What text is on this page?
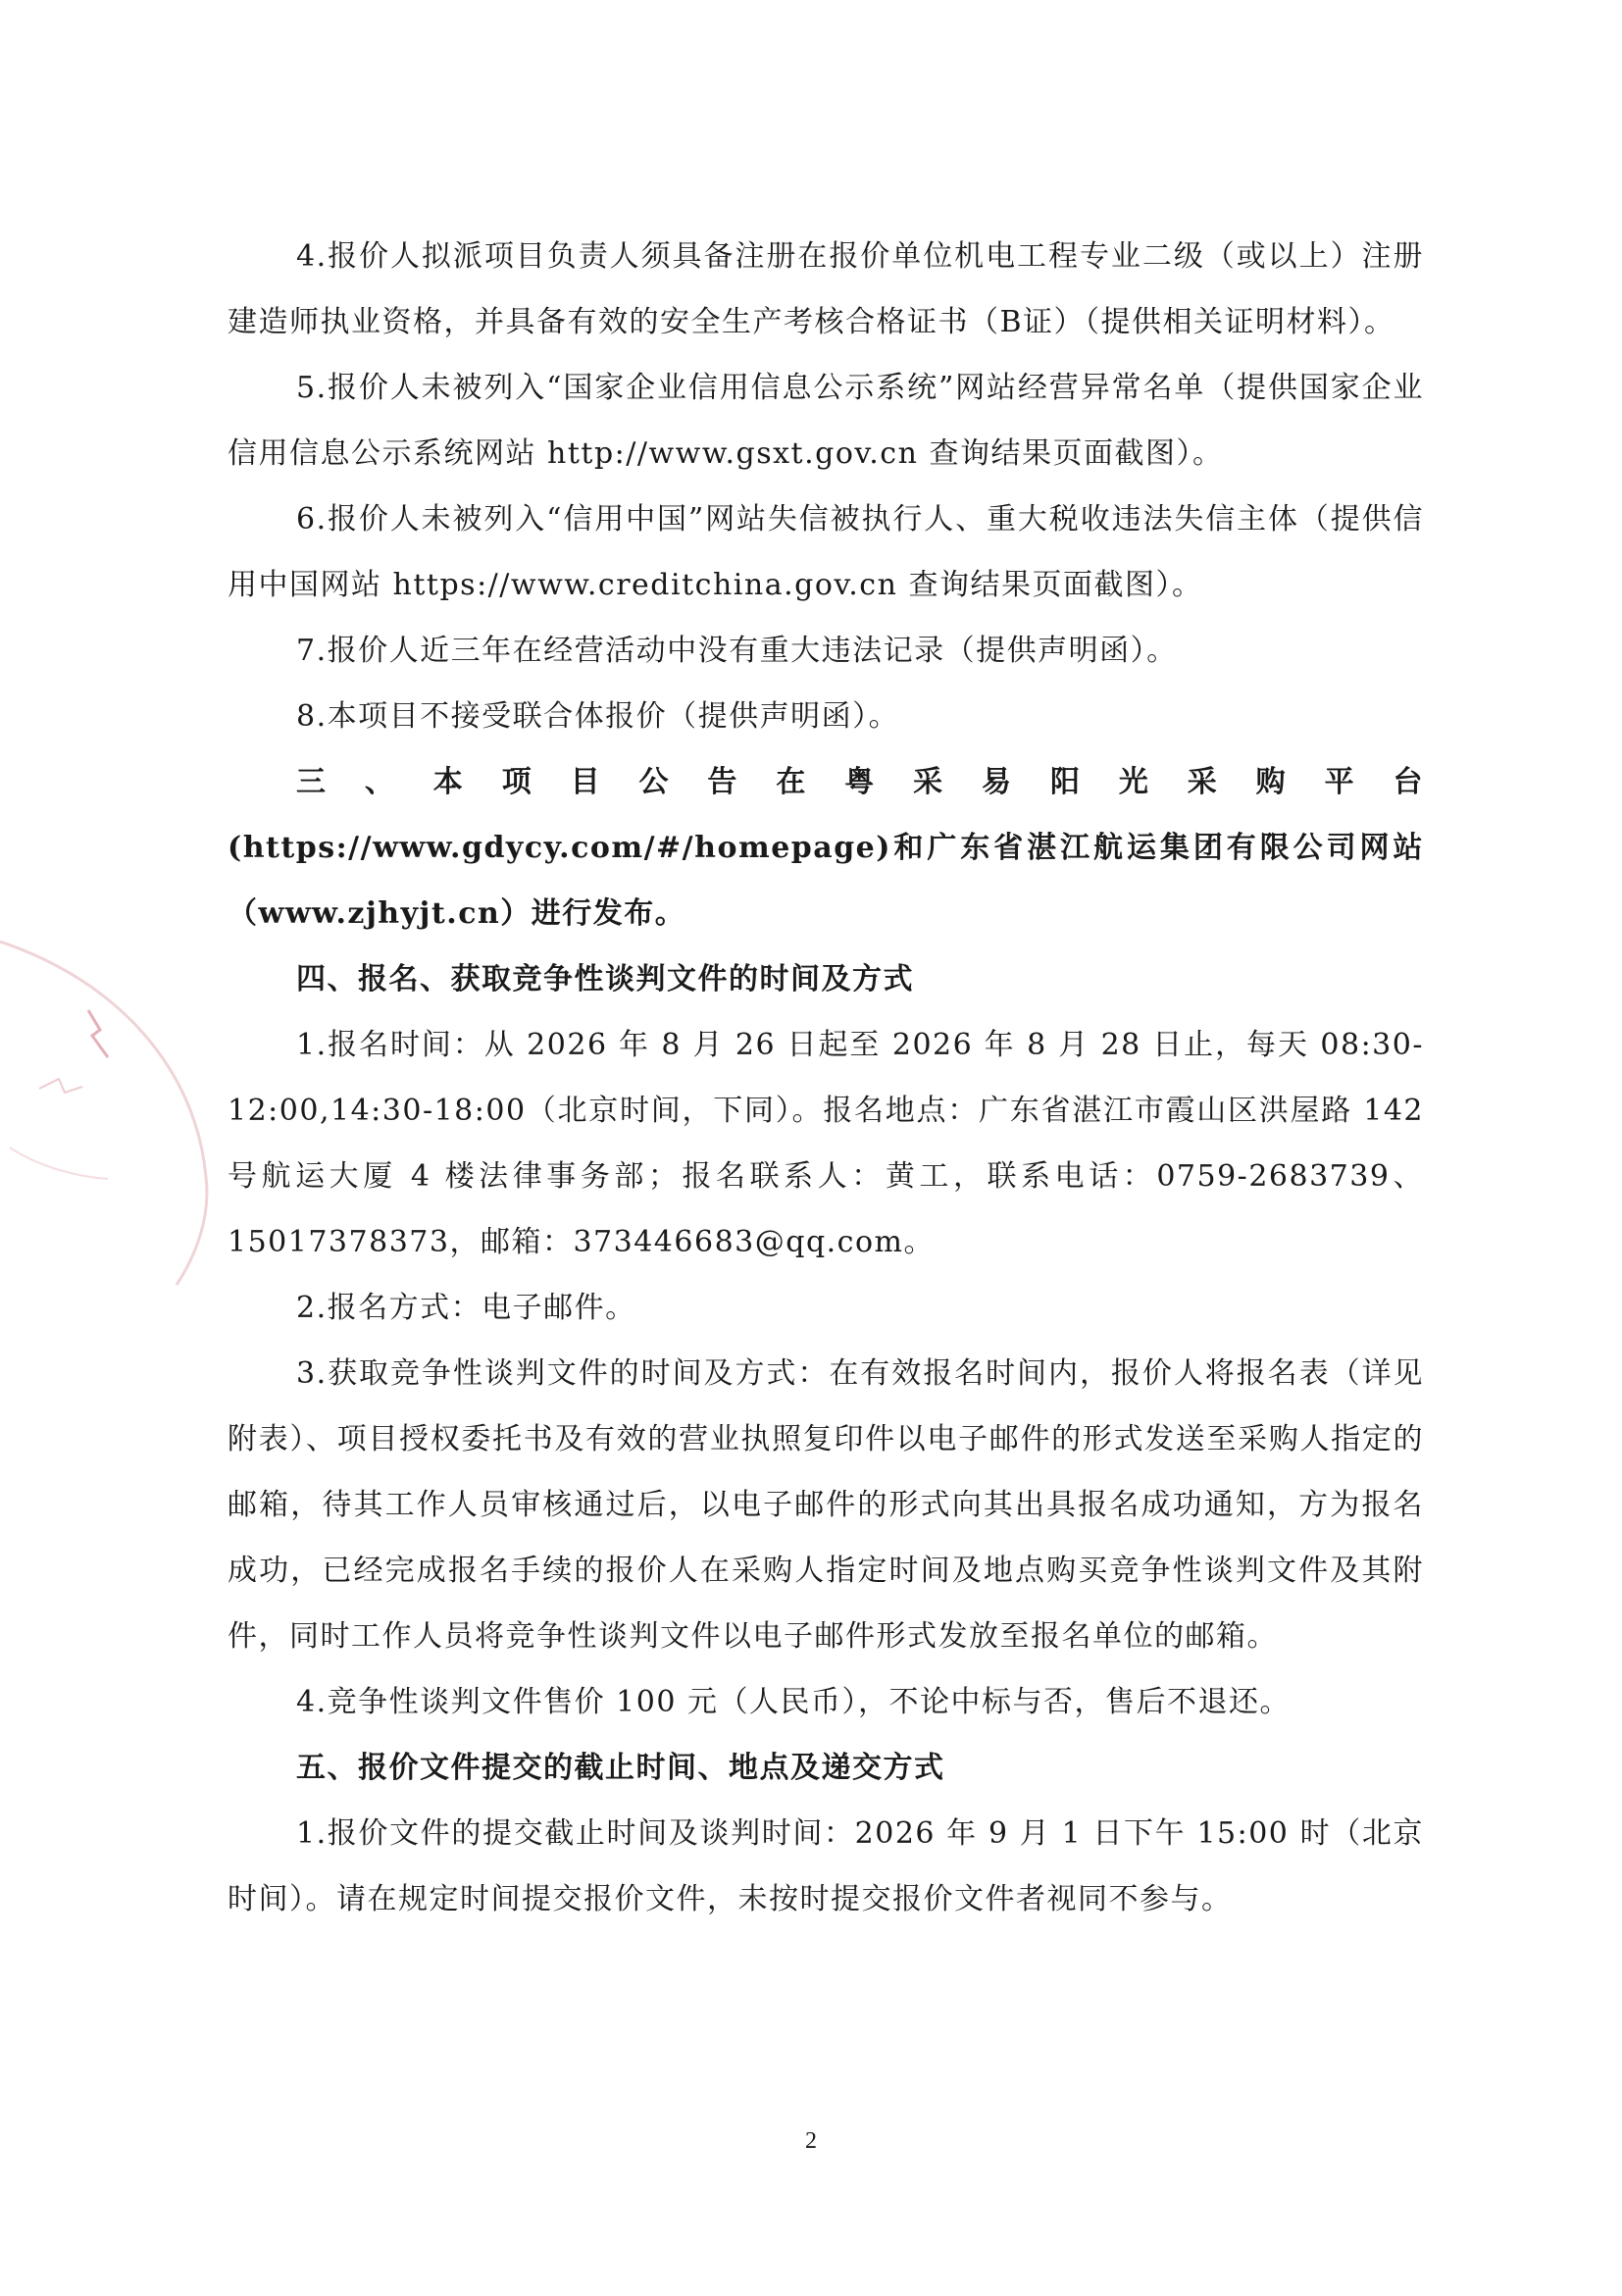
4.报价人拟派项目负责人须具备注册在报价单位机电工程专业二级（或以上）注册建造师执业资格，并具备有效的安全生产考核合格证书（B证）（提供相关证明材料）。

5.报价人未被列入“国家企业信用信息公示系统”网站经营异常名单（提供国家企业信用信息公示系统网站 http://www.gsxt.gov.cn 查询结果页面截图）。

6.报价人未被列入“信用中国”网站失信被执行人、重大税收违法失信主体（提供信用中国网站 https://www.creditchina.gov.cn 查询结果页面截图）。

7.报价人近三年在经营活动中没有重大违法记录（提供声明函）。

8.本项目不接受联合体报价（提供声明函）。

三、本项目公告在粤采易阳光采购平台(https://www.gdycy.com/#/homepage)和广东省湛江航运集团有限公司网站（www.zjhyjt.cn）进行发布。

四、报名、获取竞争性谈判文件的时间及方式

1.报名时间：从 2026 年 8 月 26 日起至 2026 年 8 月 28 日止，每天 08:30-12:00,14:30-18:00（北京时间，下同）。报名地点：广东省湛江市霞山区洪屋路 142 号航运大厦 4 楼法律事务部；报名联系人：黄工，联系电话：0759-2683739、15017378373，邮箱：373446683@qq.com。

2.报名方式：电子邮件。

3.获取竞争性谈判文件的时间及方式：在有效报名时间内，报价人将报名表（详见附表）、项目授权委托书及有效的营业执照复印件以电子邮件的形式发送至采购人指定的邮箱，待其工作人员审核通过后，以电子邮件的形式向其出具报名成功通知，方为报名成功，已经完成报名手续的报价人在采购人指定时间及地点购买竞争性谈判文件及其附件，同时工作人员将竞争性谈判文件以电子邮件形式发放至报名单位的邮箱。

4.竞争性谈判文件售价 100 元（人民币），不论中标与否，售后不退还。

五、报价文件提交的截止时间、地点及递交方式

1.报价文件的提交截止时间及谈判时间：2026 年 9 月 1 日下午 15:00 时（北京时间）。请在规定时间提交报价文件，未按时提交报价文件者视同不参与。

2
